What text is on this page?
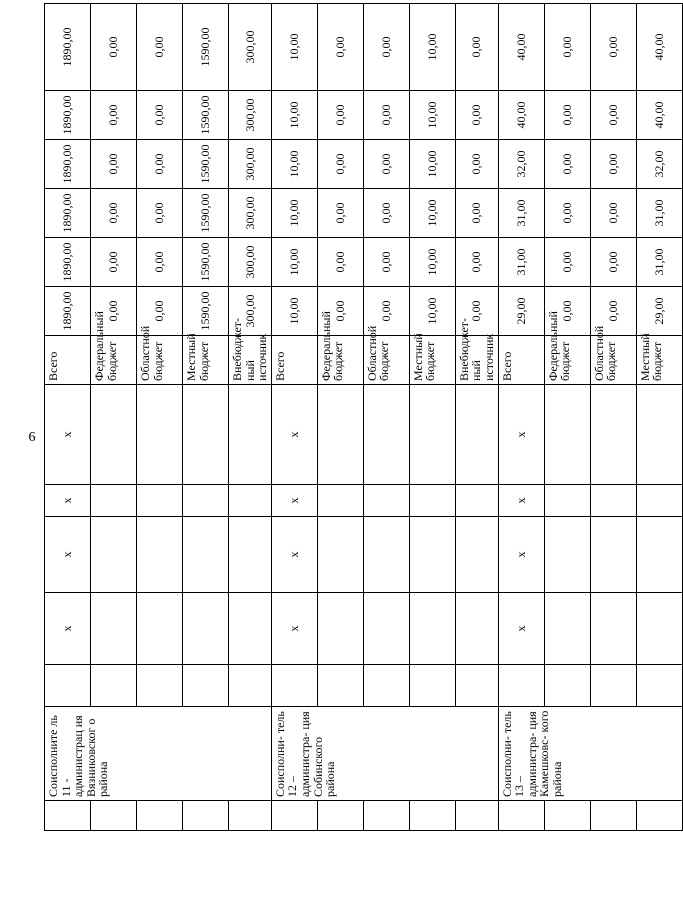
6
	Соисполните ль 11 - администрац ия Вязниковског о района		x	x	x	x	Всего	1890,00	1890,00	1890,00	1890,00	1890,00	1890,00	
							Федеральный бюджет	0,00	0,00	0,00	0,00	0,00	0,00	
							Областной бюджет	0,00	0,00	0,00	0,00	0,00	0,00	
							Местный бюджет	1590,00	1590,00	1590,00	1590,00	1590,00	1590,00	
							Внебюджет- ный источник	300,00	300,00	300,00	300,00	300,00	300,00	
	Соисполни- тель 12 – администра- ция Собинского района		x	x	x	x	Всего	10,00	10,00	10,00	10,00	10,00	10,00	
							Федеральный бюджет	0,00	0,00	0,00	0,00	0,00	0,00	
							Областной бюджет	0,00	0,00	0,00	0,00	0,00	0,00	
							Местный бюджет	10,00	10,00	10,00	10,00	10,00	10,00	
							Внебюджет- ный источник	0,00	0,00	0,00	0,00	0,00	0,00	
	Соисполни- тель 13 – администра- ция Камешковс- кого района		x	x	x	x	Всего	29,00	31,00	31,00	32,00	40,00	40,00	
							Федеральный бюджет	0,00	0,00	0,00	0,00	0,00	0,00	
							Областной бюджет	0,00	0,00	0,00	0,00	0,00	0,00	
							Местный бюджет	29,00	31,00	31,00	32,00	40,00	40,00	
